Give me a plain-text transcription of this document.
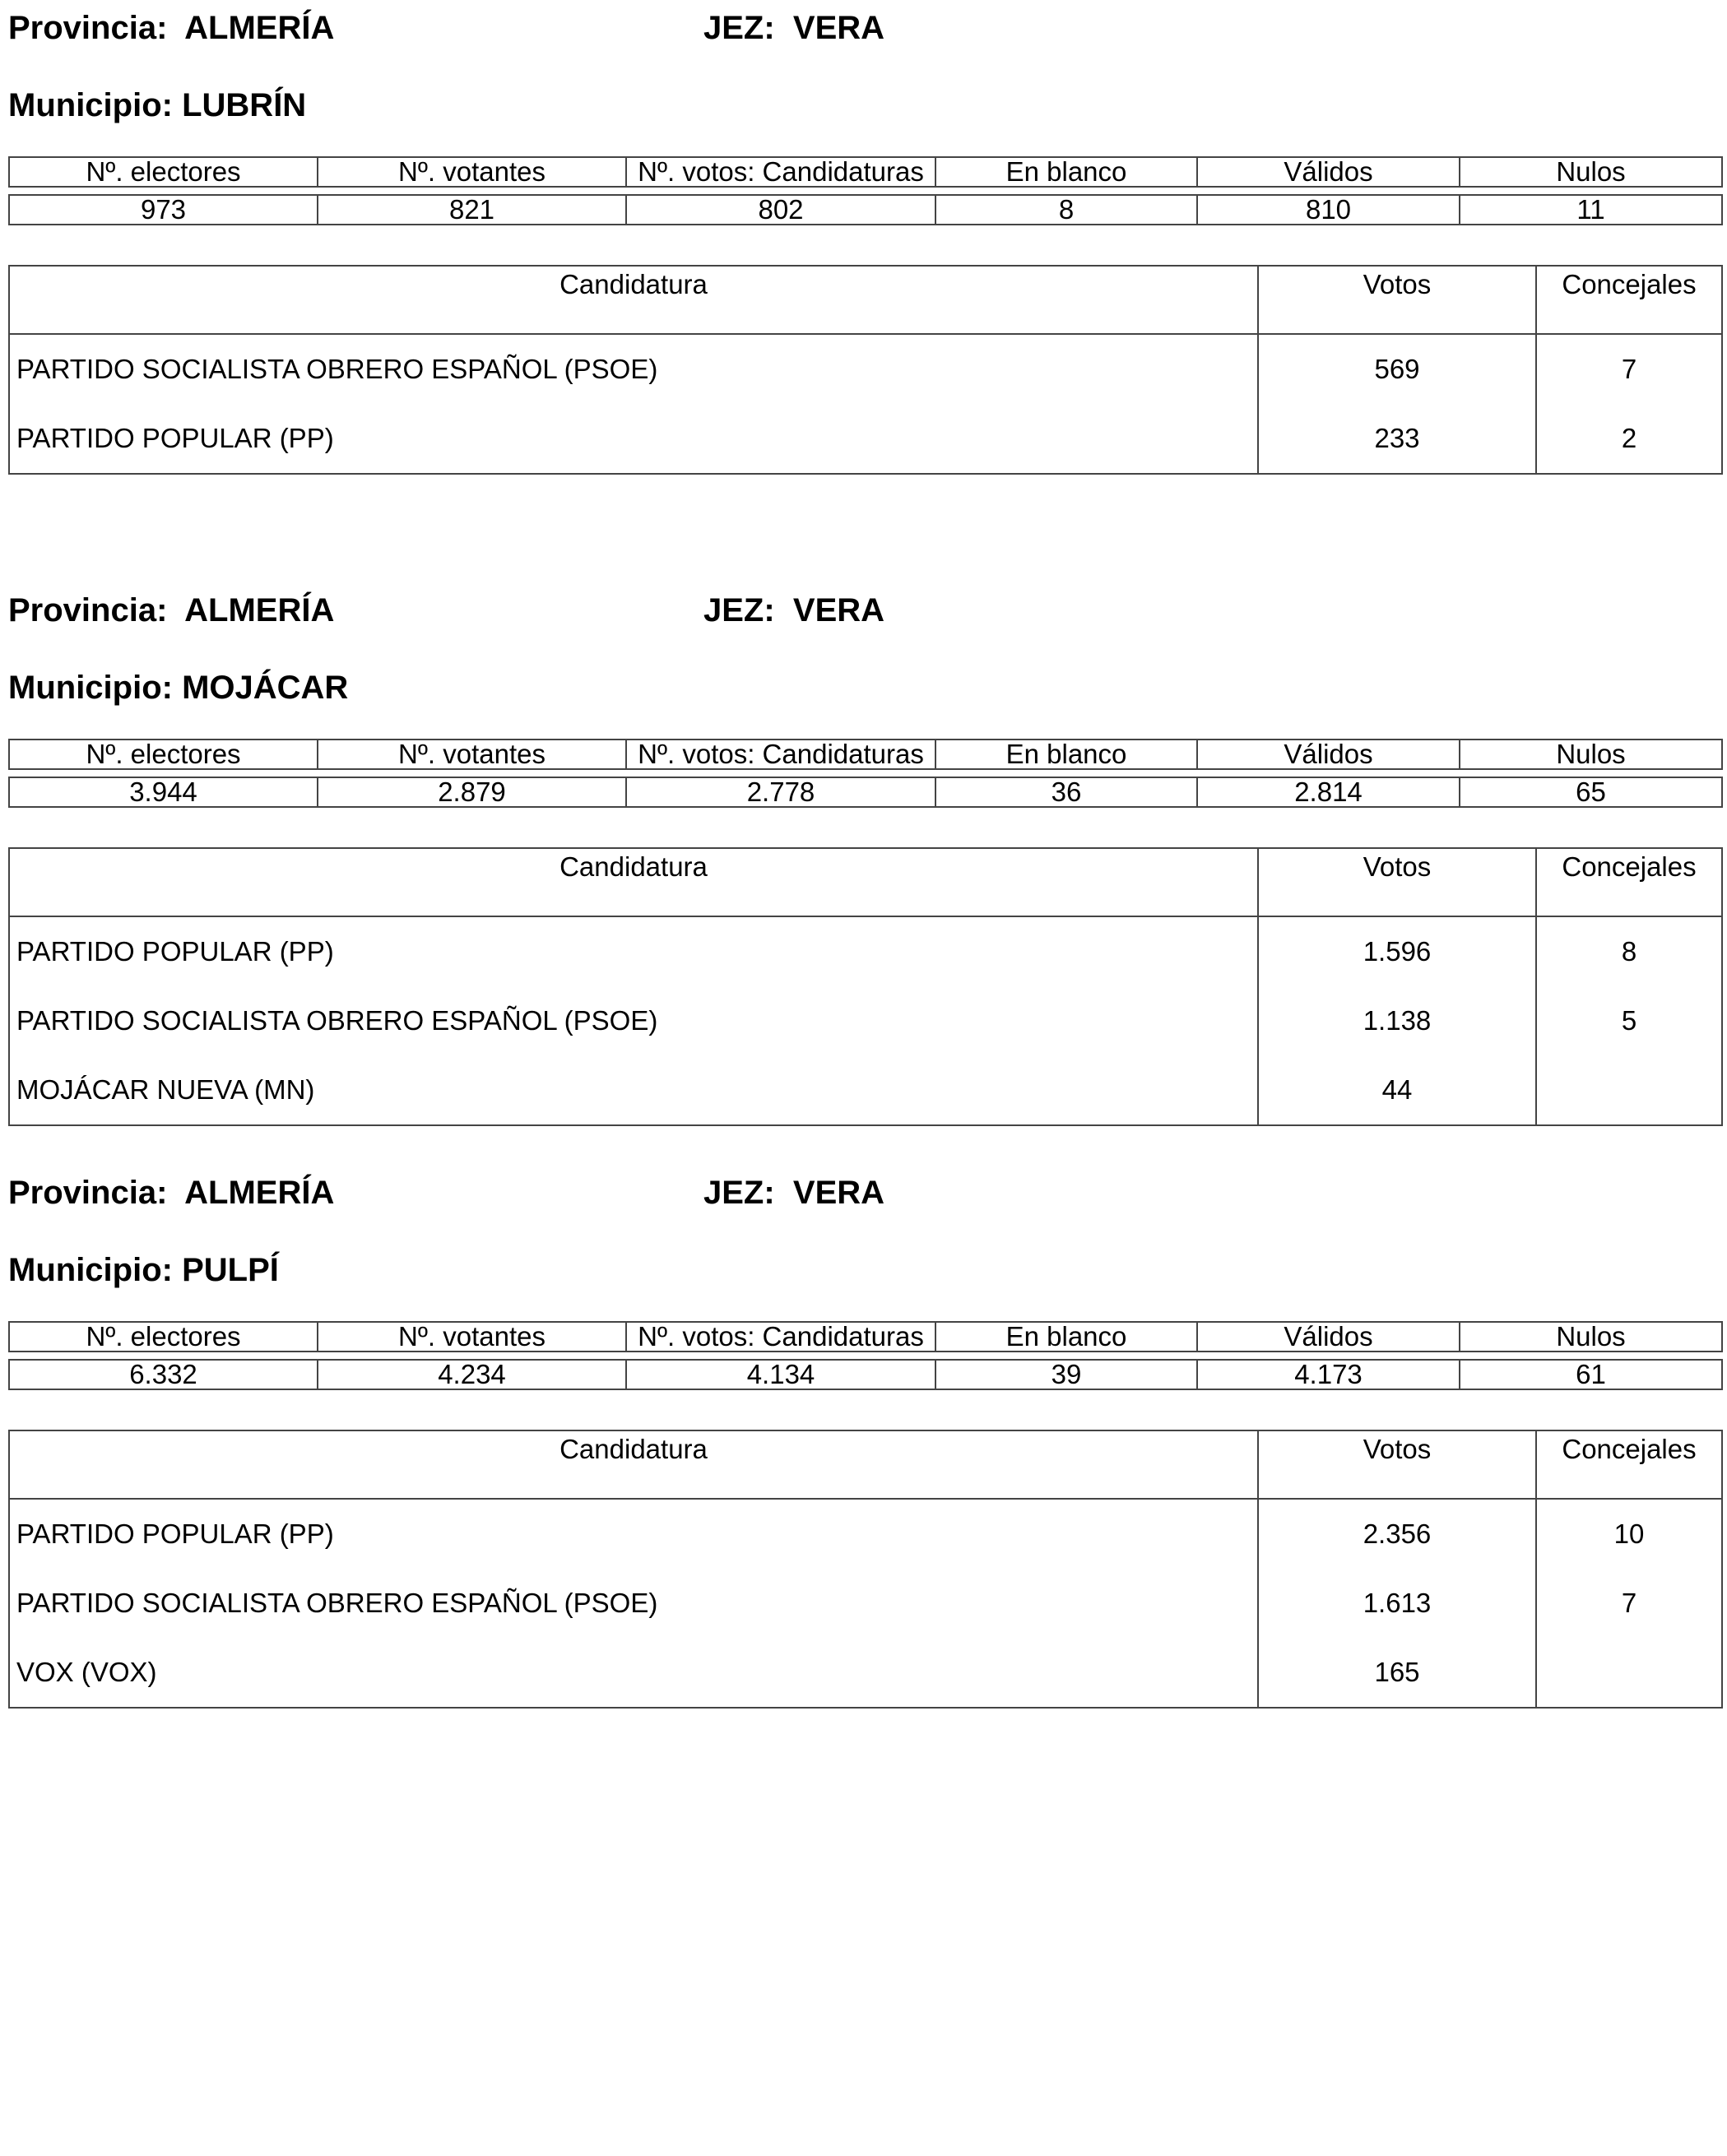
Provincia: ALMERÍA	JEZ: VERA
Municipio: LUBRÍN
Nº. electores	Nº. votantes	Nº. votos: Candidaturas	En blanco	Válidos	Nulos

973	821	802	8	810	11
Candidatura	Votos	Concejales
PARTIDO SOCIALISTA OBRERO ESPAÑOL (PSOE)	569	7
PARTIDO POPULAR (PP)	233	2
Provincia: ALMERÍA	JEZ: VERA
Municipio: MOJÁCAR
Nº. electores	Nº. votantes	Nº. votos: Candidaturas	En blanco	Válidos	Nulos

3.944	2.879	2.778	36	2.814	65
Candidatura	Votos	Concejales
PARTIDO POPULAR (PP)	1.596	8
PARTIDO SOCIALISTA OBRERO ESPAÑOL (PSOE)	1.138	5
MOJÁCAR NUEVA (MN)	44	
Provincia: ALMERÍA	JEZ: VERA
Municipio: PULPÍ
Nº. electores	Nº. votantes	Nº. votos: Candidaturas	En blanco	Válidos	Nulos

6.332	4.234	4.134	39	4.173	61
Candidatura	Votos	Concejales
PARTIDO POPULAR (PP)	2.356	10
PARTIDO SOCIALISTA OBRERO ESPAÑOL (PSOE)	1.613	7
VOX (VOX)	165	
